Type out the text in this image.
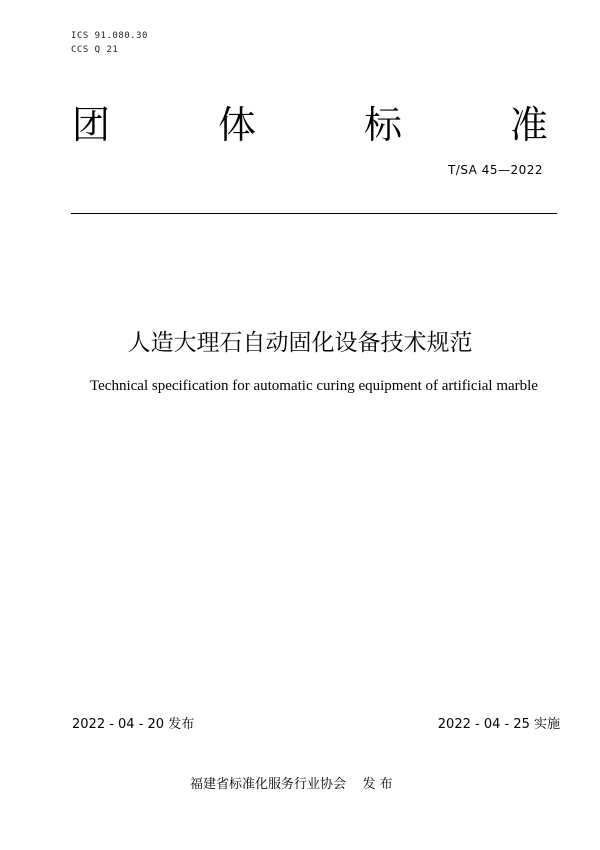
ICS 91.080.30
CCS Q 21
团	体	标	准
T/SA 45—2022
人造大理石自动固化设备技术规范
Technical specification for automatic curing equipment of artificial marble
2022 - 04 - 20 发布	2022 - 04 - 25 实施
福建省标准化服务行业协会    发 布
